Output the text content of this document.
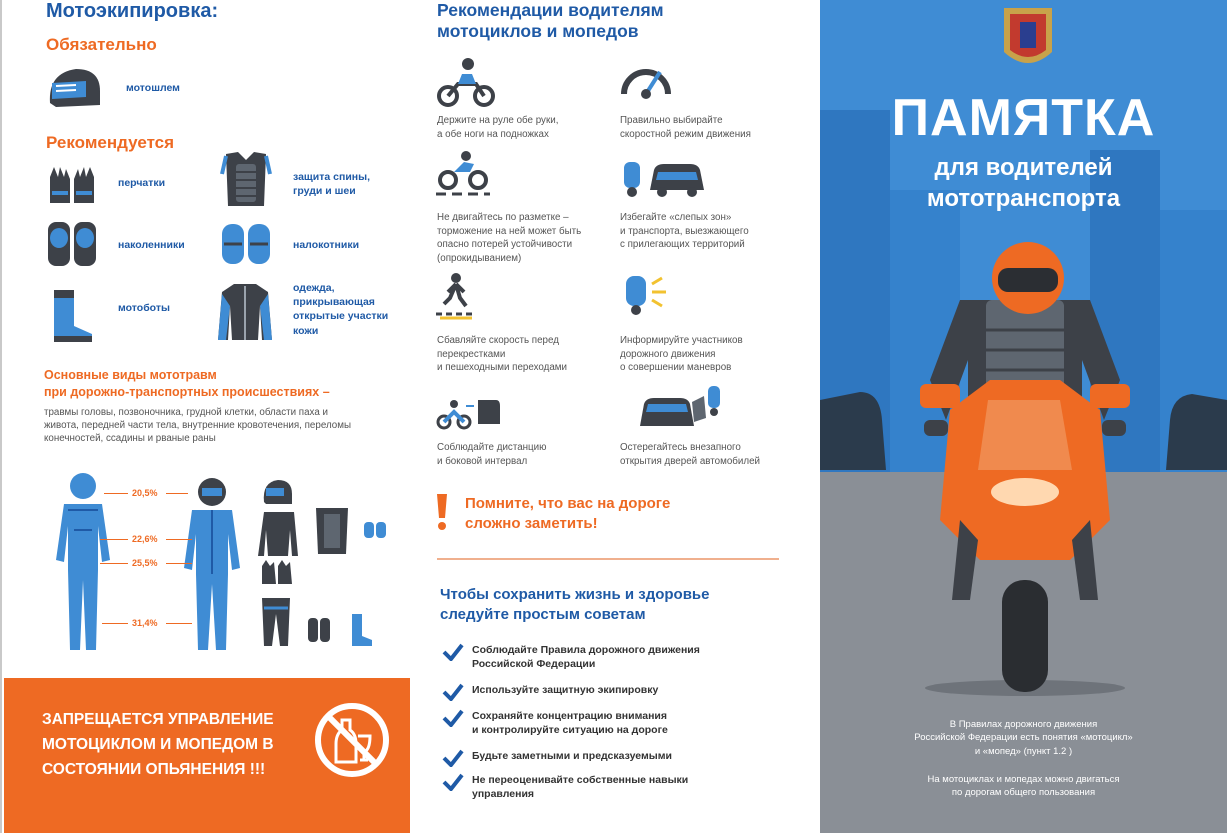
Мотоэкипировка:
Обязательно
мотошлем
Рекомендуется
перчатки	защита спины,
груди и шеи
наколенники	налокотники
мотоботы
одежда,
прикрывающая
открытые участки
кожи
Основные виды мототравм
при дорожно-транспортных происшествиях –
травмы головы, позвоночника, грудной клетки, области паха и живота, передней части тела, внутренние кровотечения, переломы конечностей, ссадины и рваные раны
20,5%
22,6%
25,5%
31,4%
ЗАПРЕЩАЕТСЯ УПРАВЛЕНИЕ МОТОЦИКЛОМ И МОПЕДОМ В СОСТОЯНИИ ОПЬЯНЕНИЯ !!!
Рекомендации водителям
мотоциклов и мопедов
Держите на руле обе руки,
а обе ноги на подножках
Правильно выбирайте
скоростной режим движения
Не двигайтесь по разметке –
торможение на ней может быть
опасно потерей устойчивости
(опрокидыванием)
Избегайте «слепых зон»
и транспорта, выезжающего
с прилегающих территорий
Сбавляйте скорость перед
перекрестками
и пешеходными переходами
Информируйте участников
дорожного движения
о совершении маневров
Соблюдайте дистанцию
и боковой интервал
Остерегайтесь внезапного
открытия дверей автомобилей
Помните, что вас на дороге
сложно заметить!
Чтобы сохранить жизнь и здоровье
следуйте простым советам
Соблюдайте Правила дорожного движения
Российской Федерации
Используйте защитную экипировку
Сохраняйте концентрацию внимания
и контролируйте ситуацию на дороге
Будьте заметными и предсказуемыми
Не переоценивайте собственные навыки
управления
ПАМЯТКА
для водителей
мототранспорта
В Правилах дорожного движения
Российской Федерации есть понятия «мотоцикл»
и «мопед» (пункт 1.2 )
На мотоциклах и мопедах можно двигаться
по дорогам общего пользования
